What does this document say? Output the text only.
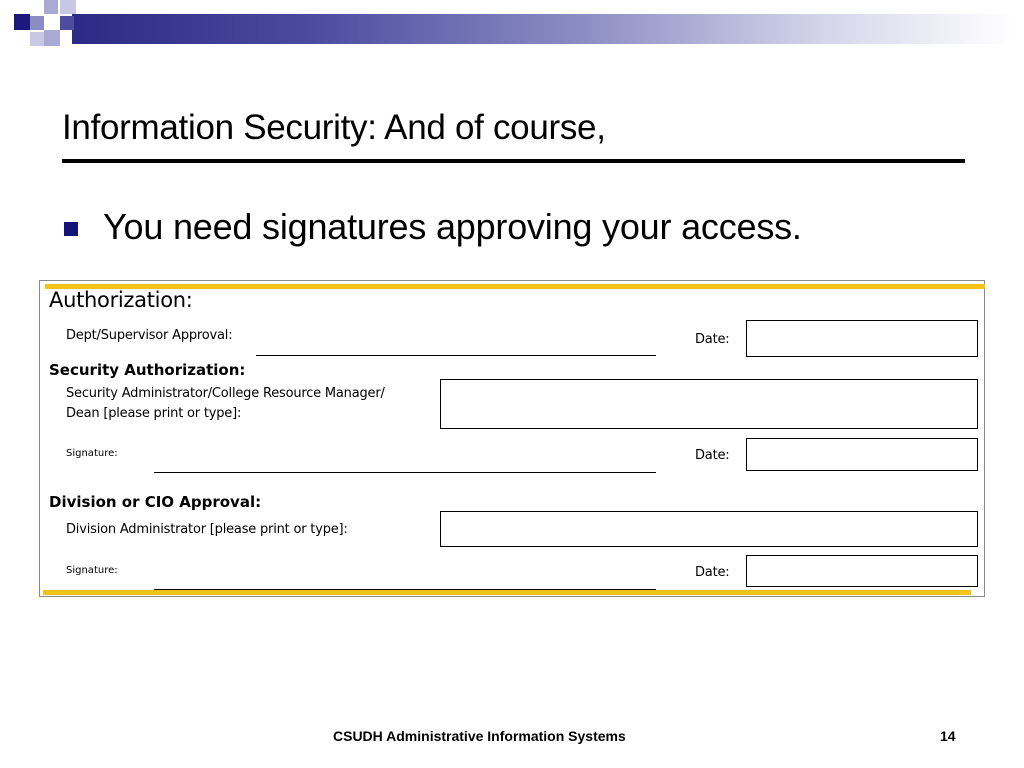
Information Security: And of course,
You need signatures approving your access.
Authorization:
Dept/Supervisor Approval:	Date:
Security Authorization:
Security Administrator/College Resource Manager/
Dean [please print or type]:
Signature:	Date:
Division or CIO Approval:
Division Administrator [please print or type]:
Signature:	Date:
CSUDH Administrative Information Systems	14
